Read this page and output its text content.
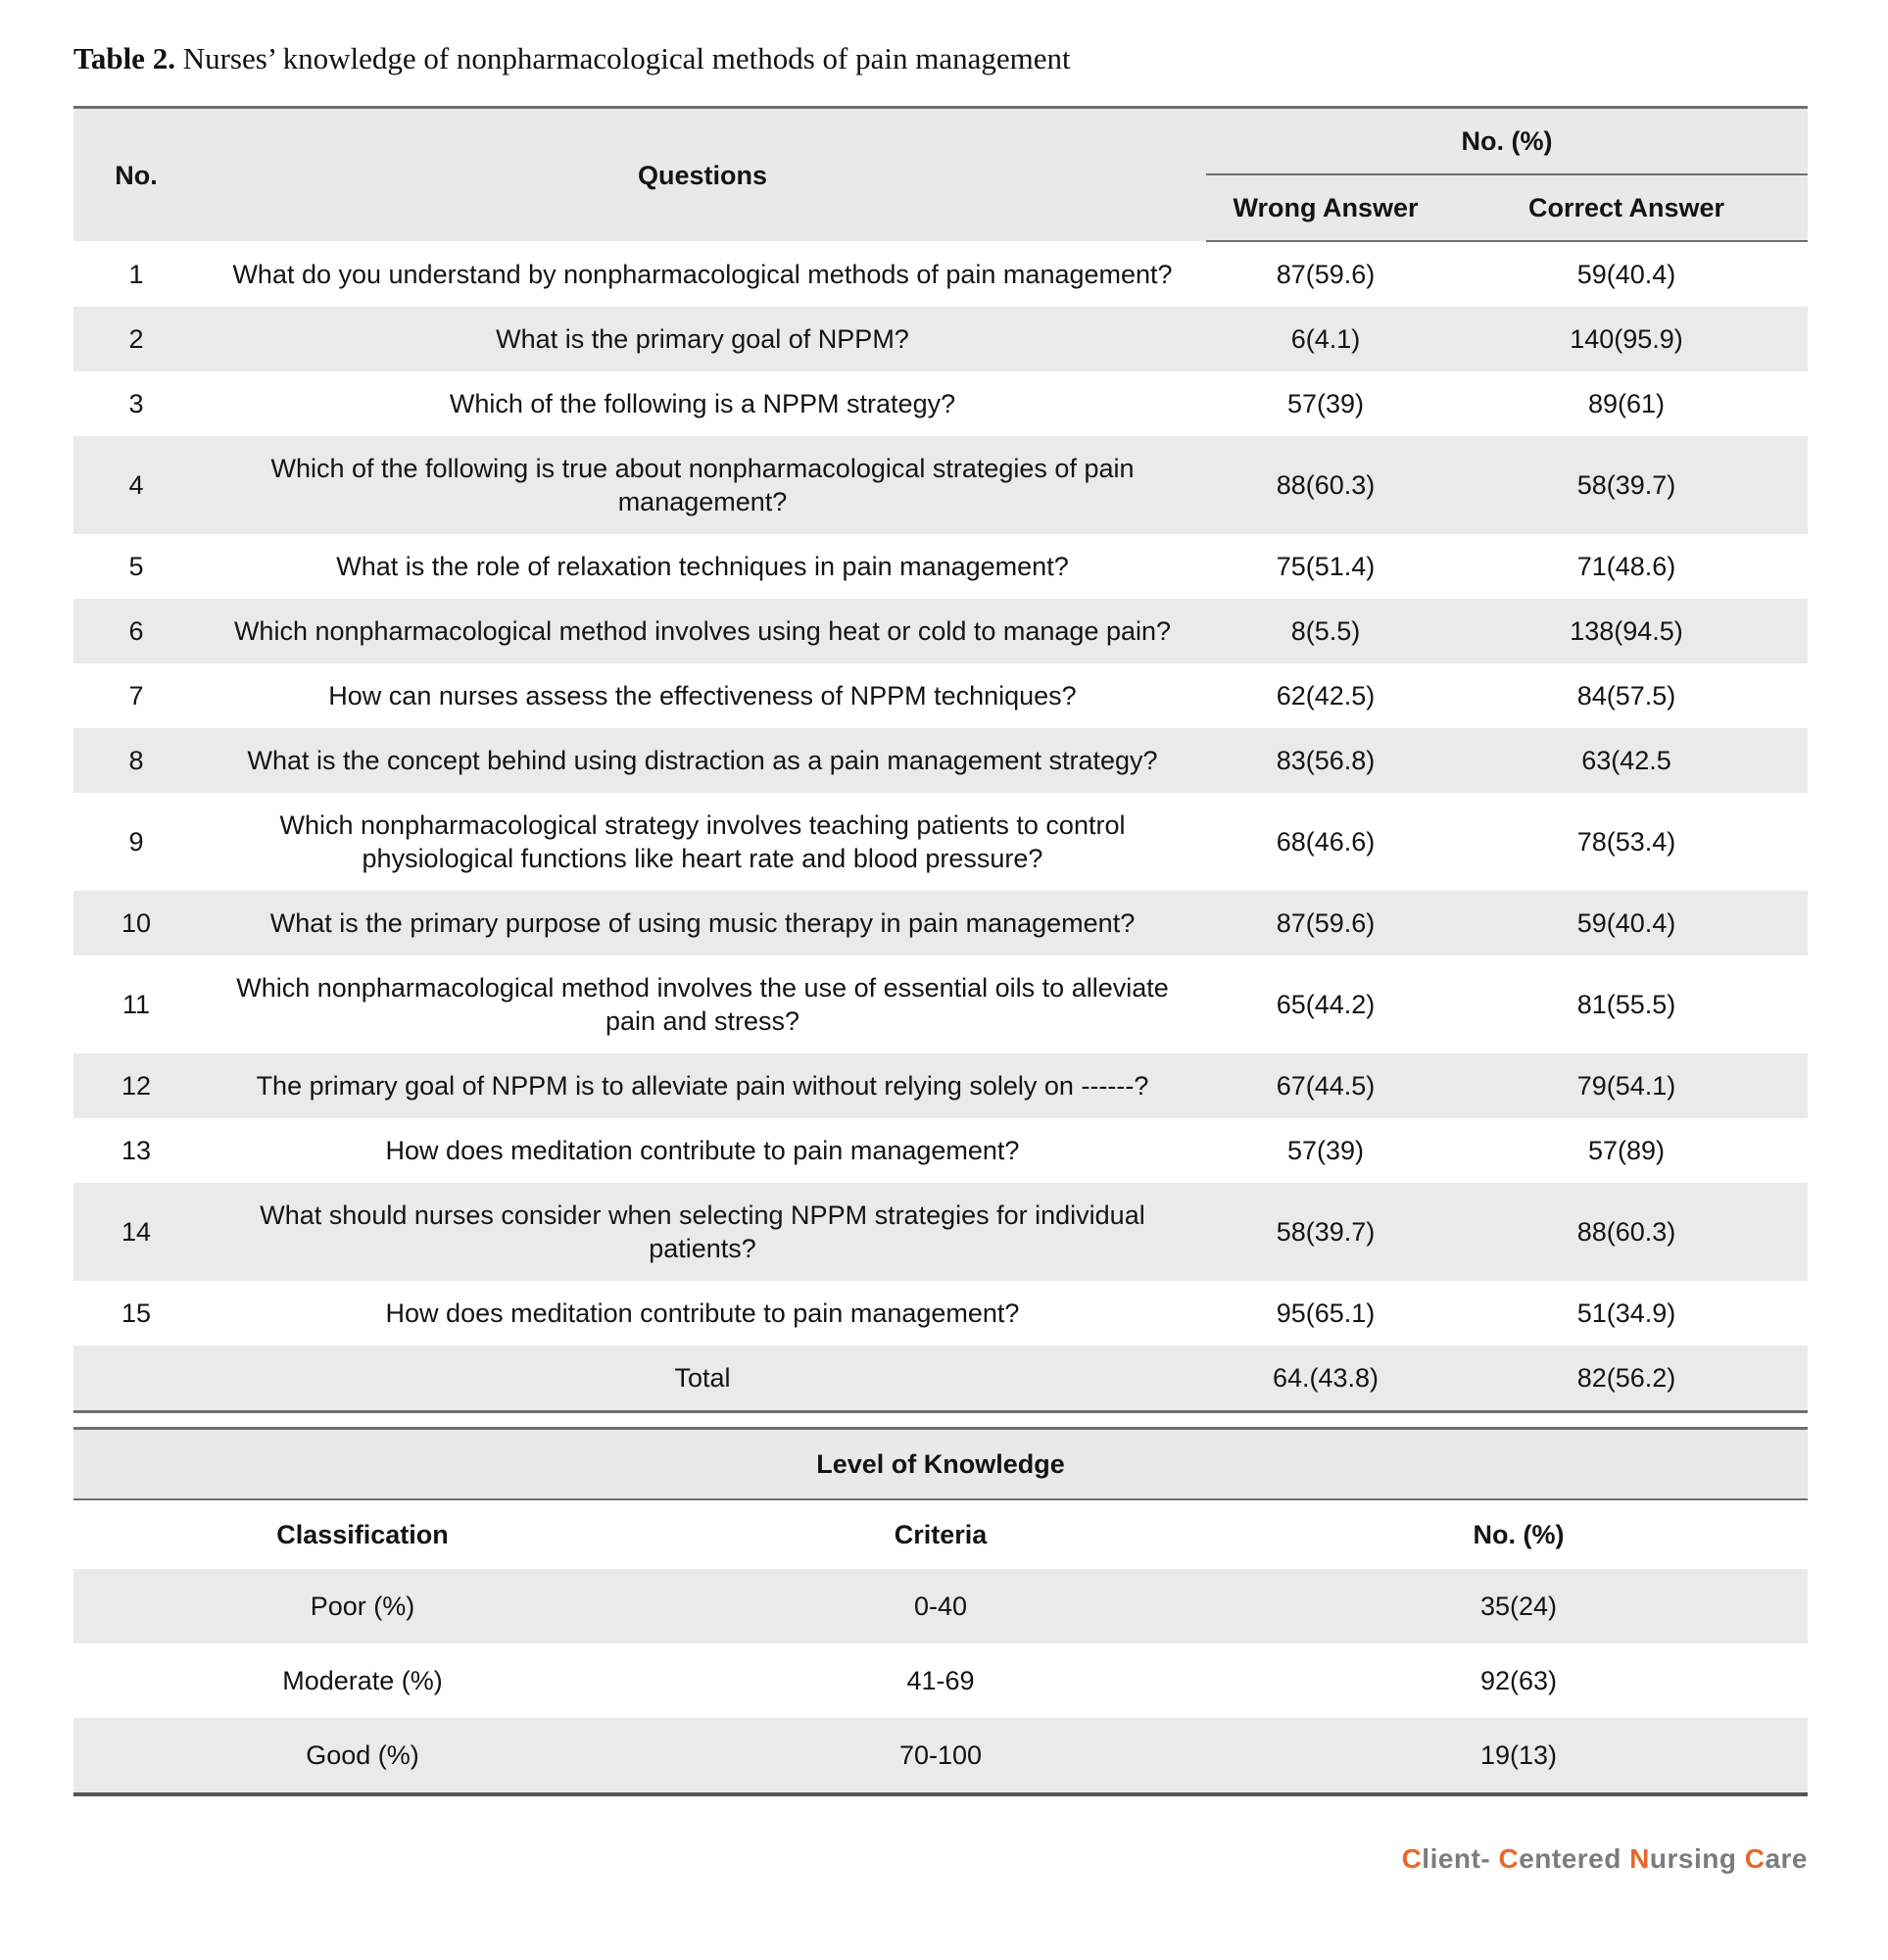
Table 2. Nurses’ knowledge of nonpharmacological methods of pain management
No.	Questions	No. (%)	
		Wrong Answer	Correct Answer
1	What do you understand by nonpharmacological methods of pain management?	87(59.6)	59(40.4)
2	What is the primary goal of NPPM?	6(4.1)	140(95.9)
3	Which of the following is a NPPM strategy?	57(39)	89(61)
4	Which of the following is true about nonpharmacological strategies of pain management?	88(60.3)	58(39.7)
5	What is the role of relaxation techniques in pain management?	75(51.4)	71(48.6)
6	Which nonpharmacological method involves using heat or cold to manage pain?	8(5.5)	138(94.5)
7	How can nurses assess the effectiveness of NPPM techniques?	62(42.5)	84(57.5)
8	What is the concept behind using distraction as a pain management strategy?	83(56.8)	63(42.5
9	Which nonpharmacological strategy involves teaching patients to control physiological functions like heart rate and blood pressure?	68(46.6)	78(53.4)
10	What is the primary purpose of using music therapy in pain management?	87(59.6)	59(40.4)
11	Which nonpharmacological method involves the use of essential oils to alleviate pain and stress?	65(44.2)	81(55.5)
12	The primary goal of NPPM is to alleviate pain without relying solely on ------?	67(44.5)	79(54.1)
13	How does meditation contribute to pain management?	57(39)	57(89)
14	What should nurses consider when selecting NPPM strategies for individual patients?	58(39.7)	88(60.3)
15	How does meditation contribute to pain management?	95(65.1)	51(34.9)
	Total	64.(43.8)	82(56.2)
Level of Knowledge		
Classification	Criteria	No. (%)
Poor (%)	0-40	35(24)
Moderate (%)	41-69	92(63)
Good (%)	70-100	19(13)

Client- Centered Nursing Care
